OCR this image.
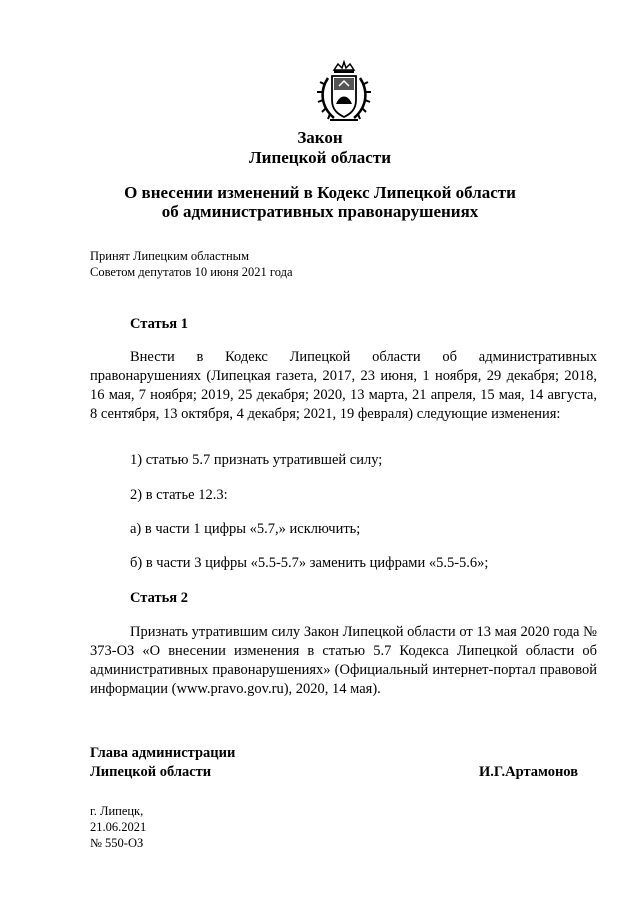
Закон
Липецкой области
О внесении изменений в Кодекс Липецкой области
об административных правонарушениях
Принят Липецким областным
Советом депутатов 10 июня 2021 года
Статья 1
Внести в Кодекс Липецкой области об административных правонарушениях (Липецкая газета, 2017, 23 июня, 1 ноября, 29 декабря; 2018, 16 мая, 7 ноября; 2019, 25 декабря; 2020, 13 марта, 21 апреля, 15 мая, 14 августа, 8 сентября, 13 октября, 4 декабря; 2021, 19 февраля) следующие изменения:
1) статью 5.7 признать утратившей силу;
2) в статье 12.3:
а) в части 1 цифры «5.7,» исключить;
б) в части 3 цифры «5.5-5.7» заменить цифрами «5.5-5.6»;
Статья 2
Признать утратившим силу Закон Липецкой области от 13 мая 2020 года № 373-ОЗ «О внесении изменения в статью 5.7 Кодекса Липецкой области об административных правонарушениях» (Официальный интернет-портал правовой информации (www.pravo.gov.ru), 2020, 14 мая).
Глава администрации
Липецкой области	И.Г.Артамонов
г. Липецк,
21.06.2021
№ 550-ОЗ
